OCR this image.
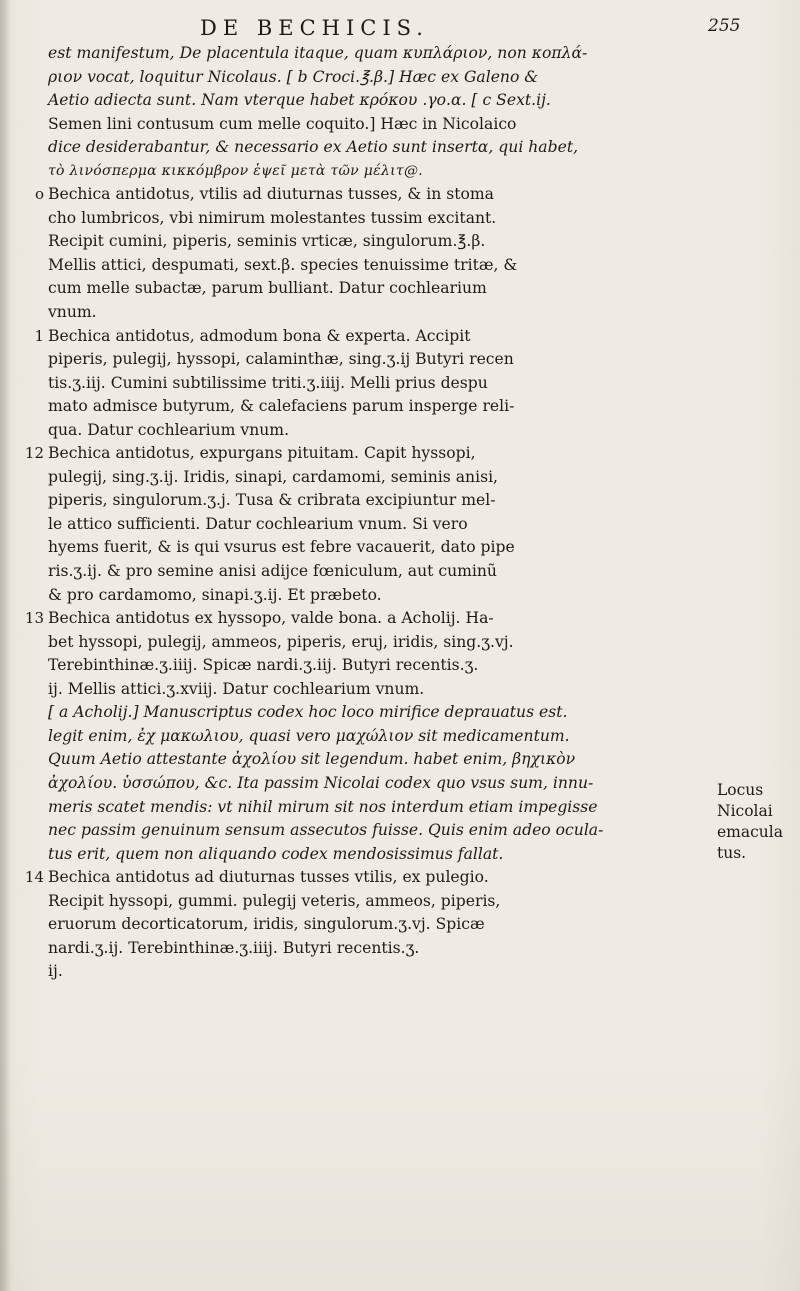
DE BECHICIS.	255
est manifestum, De placentula itaque, quam κυπλάριον, non κοπλά-
ριον vocat, loquitur Nicolaus. [ b Croci.℥.β.] Hæc ex Galeno &
Aetio adiecta sunt. Nam vterque habet κρόκου .γο.α. [ c Sext.ij.
Semen lini contusum cum melle coquito.] Hæc in Nicolaico
dice desiderabantur, & necessario ex Aetio sunt insertα, qui habet,
τὸ λινόσπερμα κικκόμβρον ἑψεῖ μετὰ τῶν μέλιτ@.
o Bechica antidotus, vtilis ad diuturnas tusses, & in stoma
cho lumbricos, vbi nimirum molestantes tussim excitant.
Recipit cumini, piperis, seminis vrticæ, singulorum.℥.β.
Mellis attici, despumati, sext.β. species tenuissime tritæ, &
cum melle subactæ, parum bulliant. Datur cochlearium
vnum.
1 Bechica antidotus, admodum bona & experta. Accipit
piperis, pulegij, hyssopi, calaminthæ, sing.ʒ.ij Butyri recen
tis.ʒ.iij. Cumini subtilissime triti.ʒ.iiij. Melli prius despu
mato admisce butyrum, & calefaciens parum insperge reli-
qua. Datur cochlearium vnum.
12 Bechica antidotus, expurgans pituitam. Capit hyssopi,
pulegij, sing.ʒ.ij. Iridis, sinapi, cardamomi, seminis anisi,
piperis, singulorum.ʒ.j. Tusa & cribrata excipiuntur mel-
le attico sufficienti. Datur cochlearium vnum. Si vero
hyems fuerit, & is qui vsurus est febre vacauerit, dato pipe
ris.ʒ.ij. & pro semine anisi adijce fœniculum, aut cuminũ
& pro cardamomo, sinapi.ʒ.ij. Et præbeto.
13 Bechica antidotus ex hyssopo, valde bona. a Acholij. Ha-
bet hyssopi, pulegij, ammeos, piperis, eruj, iridis, sing.ʒ.vj.
Terebinthinæ.ʒ.iiij. Spicæ nardi.ʒ.iij. Butyri recentis.ʒ.
ij. Mellis attici.ʒ.xviij. Datur cochlearium vnum.
[ a Acholij.] Manuscriptus codex hoc loco mirifice deprauatus est.
legit enim, ἐχ μακωλιου, quasi vero μαχώλιον sit medicamentum.
Quum Aetio attestante ἀχολίου sit legendum. habet enim, βηχικὸν
ἀχολίου. ὑσσώπου, &c. Ita passim Nicolai codex quo vsus sum, innu-
meris scatet mendis: vt nihil mirum sit nos interdum etiam impegisse
nec passim genuinum sensum assecutos fuisse. Quis enim adeo ocula-
tus erit, quem non aliquando codex mendosissimus fallat.
14 Bechica antidotus ad diuturnas tusses vtilis, ex pulegio.
Recipit hyssopi, gummi. pulegij veteris, ammeos, piperis,
eruorum decorticatorum, iridis, singulorum.ʒ.vj. Spicæ
nardi.ʒ.ij. Terebinthinæ.ʒ.iiij. Butyri recentis.ʒ.
ij.
Locus
Nicolai
emacula
tus.
